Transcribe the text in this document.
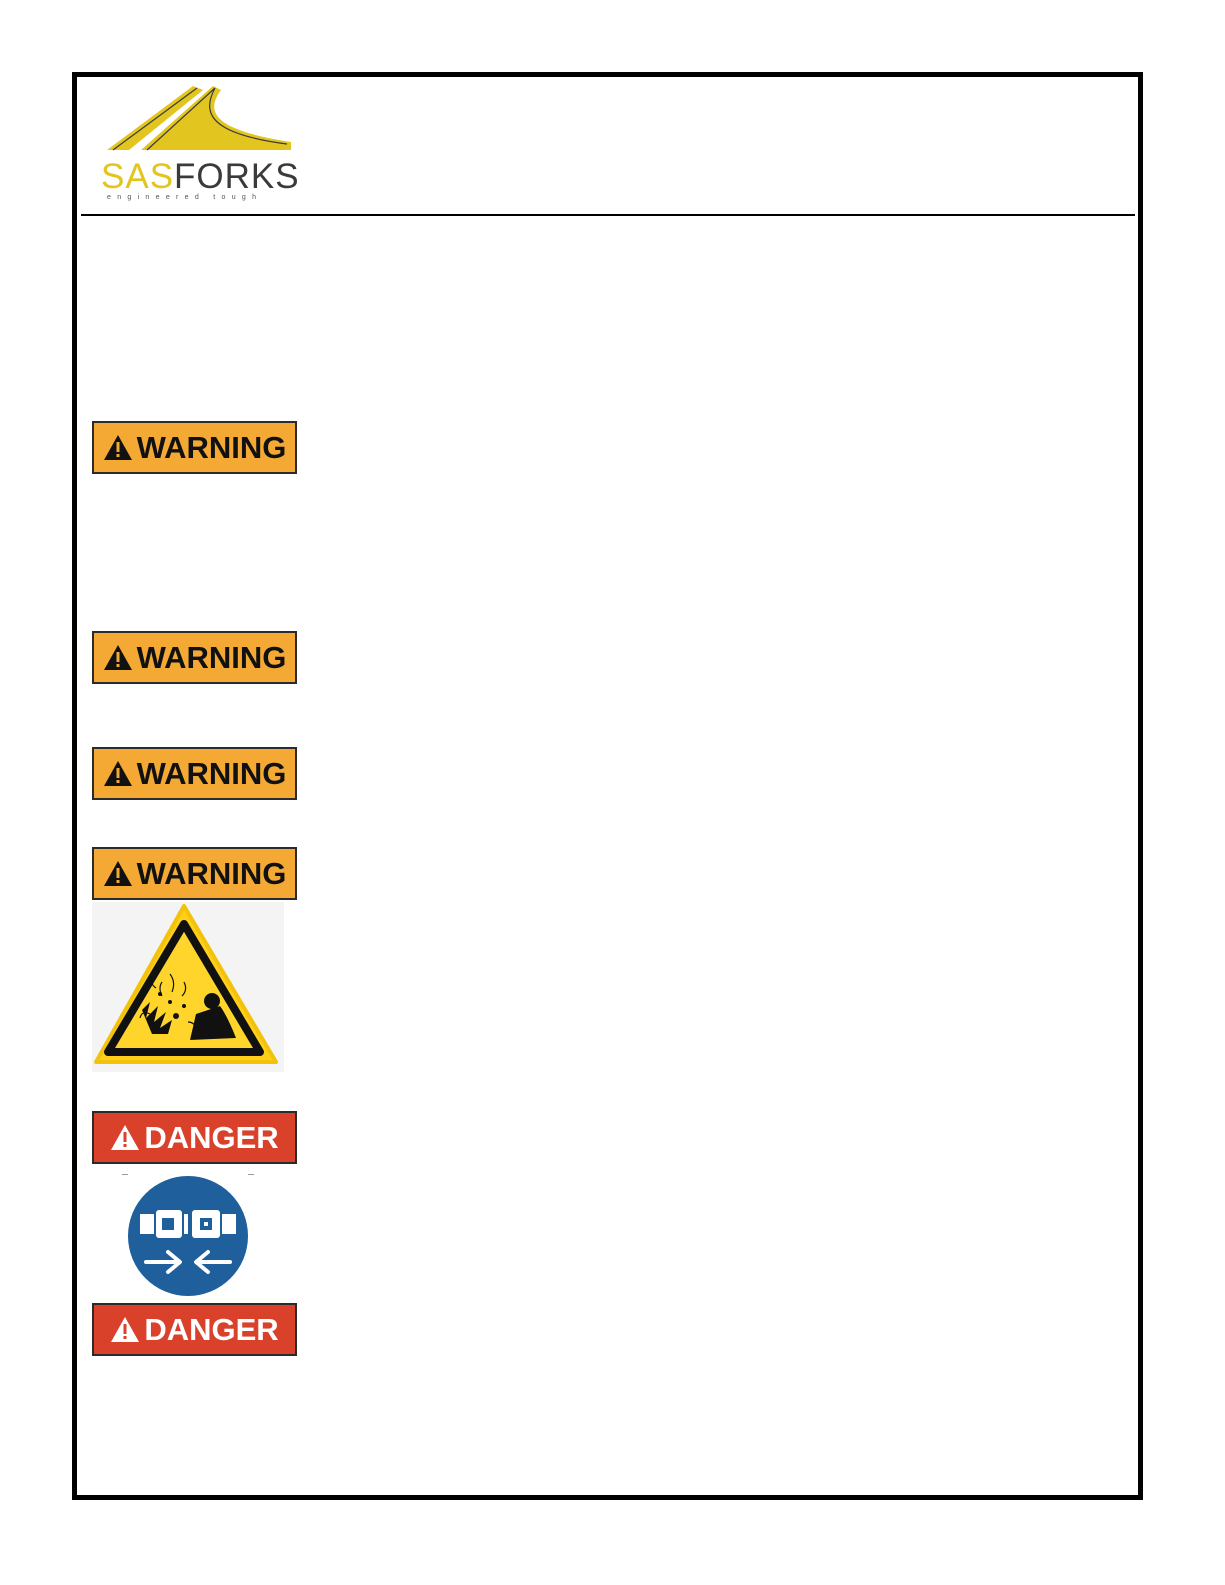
SASFORKS
engineered tough
WARNING
WARNING
WARNING
WARNING
DANGER
DANGER
